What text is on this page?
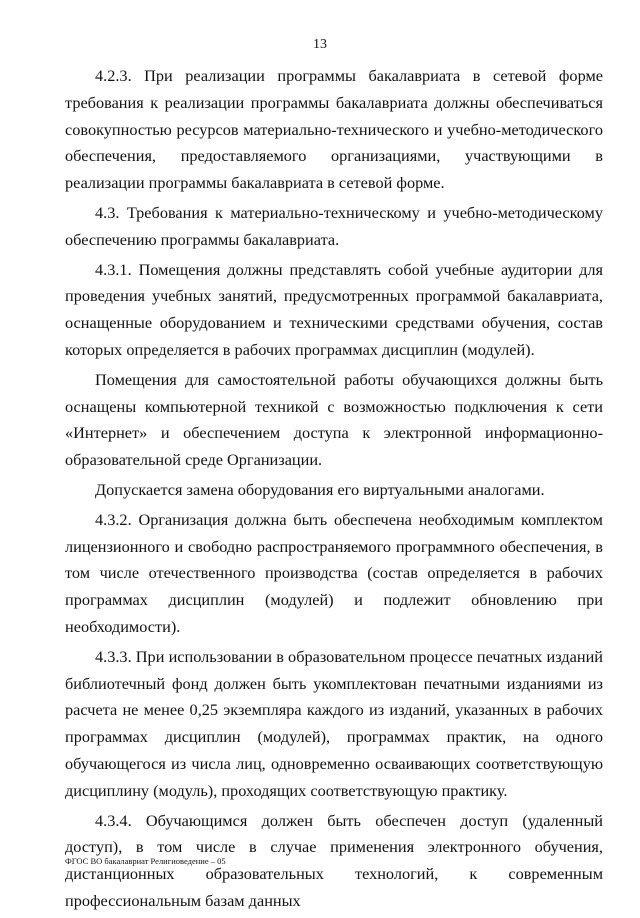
13

4.2.3. При реализации программы бакалавриата в сетевой форме требования к реализации программы бакалавриата должны обеспечиваться совокупностью ресурсов материально-технического и учебно-методического обеспечения, предоставляемого организациями, участвующими в реализации программы бакалавриата в сетевой форме.

4.3. Требования к материально-техническому и учебно-методическому обеспечению программы бакалавриата.

4.3.1. Помещения должны представлять собой учебные аудитории для проведения учебных занятий, предусмотренных программой бакалавриата, оснащенные оборудованием и техническими средствами обучения, состав которых определяется в рабочих программах дисциплин (модулей).

Помещения для самостоятельной работы обучающихся должны быть оснащены компьютерной техникой с возможностью подключения к сети «Интернет» и обеспечением доступа к электронной информационно-образовательной среде Организации.

Допускается замена оборудования его виртуальными аналогами.

4.3.2. Организация должна быть обеспечена необходимым комплектом лицензионного и свободно распространяемого программного обеспечения, в том числе отечественного производства (состав определяется в рабочих программах дисциплин (модулей) и подлежит обновлению при необходимости).

4.3.3. При использовании в образовательном процессе печатных изданий библиотечный фонд должен быть укомплектован печатными изданиями из расчета не менее 0,25 экземпляра каждого из изданий, указанных в рабочих программах дисциплин (модулей), программах практик, на одного обучающегося из числа лиц, одновременно осваивающих соответствующую дисциплину (модуль), проходящих соответствующую практику.

4.3.4. Обучающимся должен быть обеспечен доступ (удаленный доступ), в том числе в случае применения электронного обучения, дистанционных образовательных технологий, к современным профессиональным базам данных

ФГОС ВО бакалавриат Религиоведение – 05
